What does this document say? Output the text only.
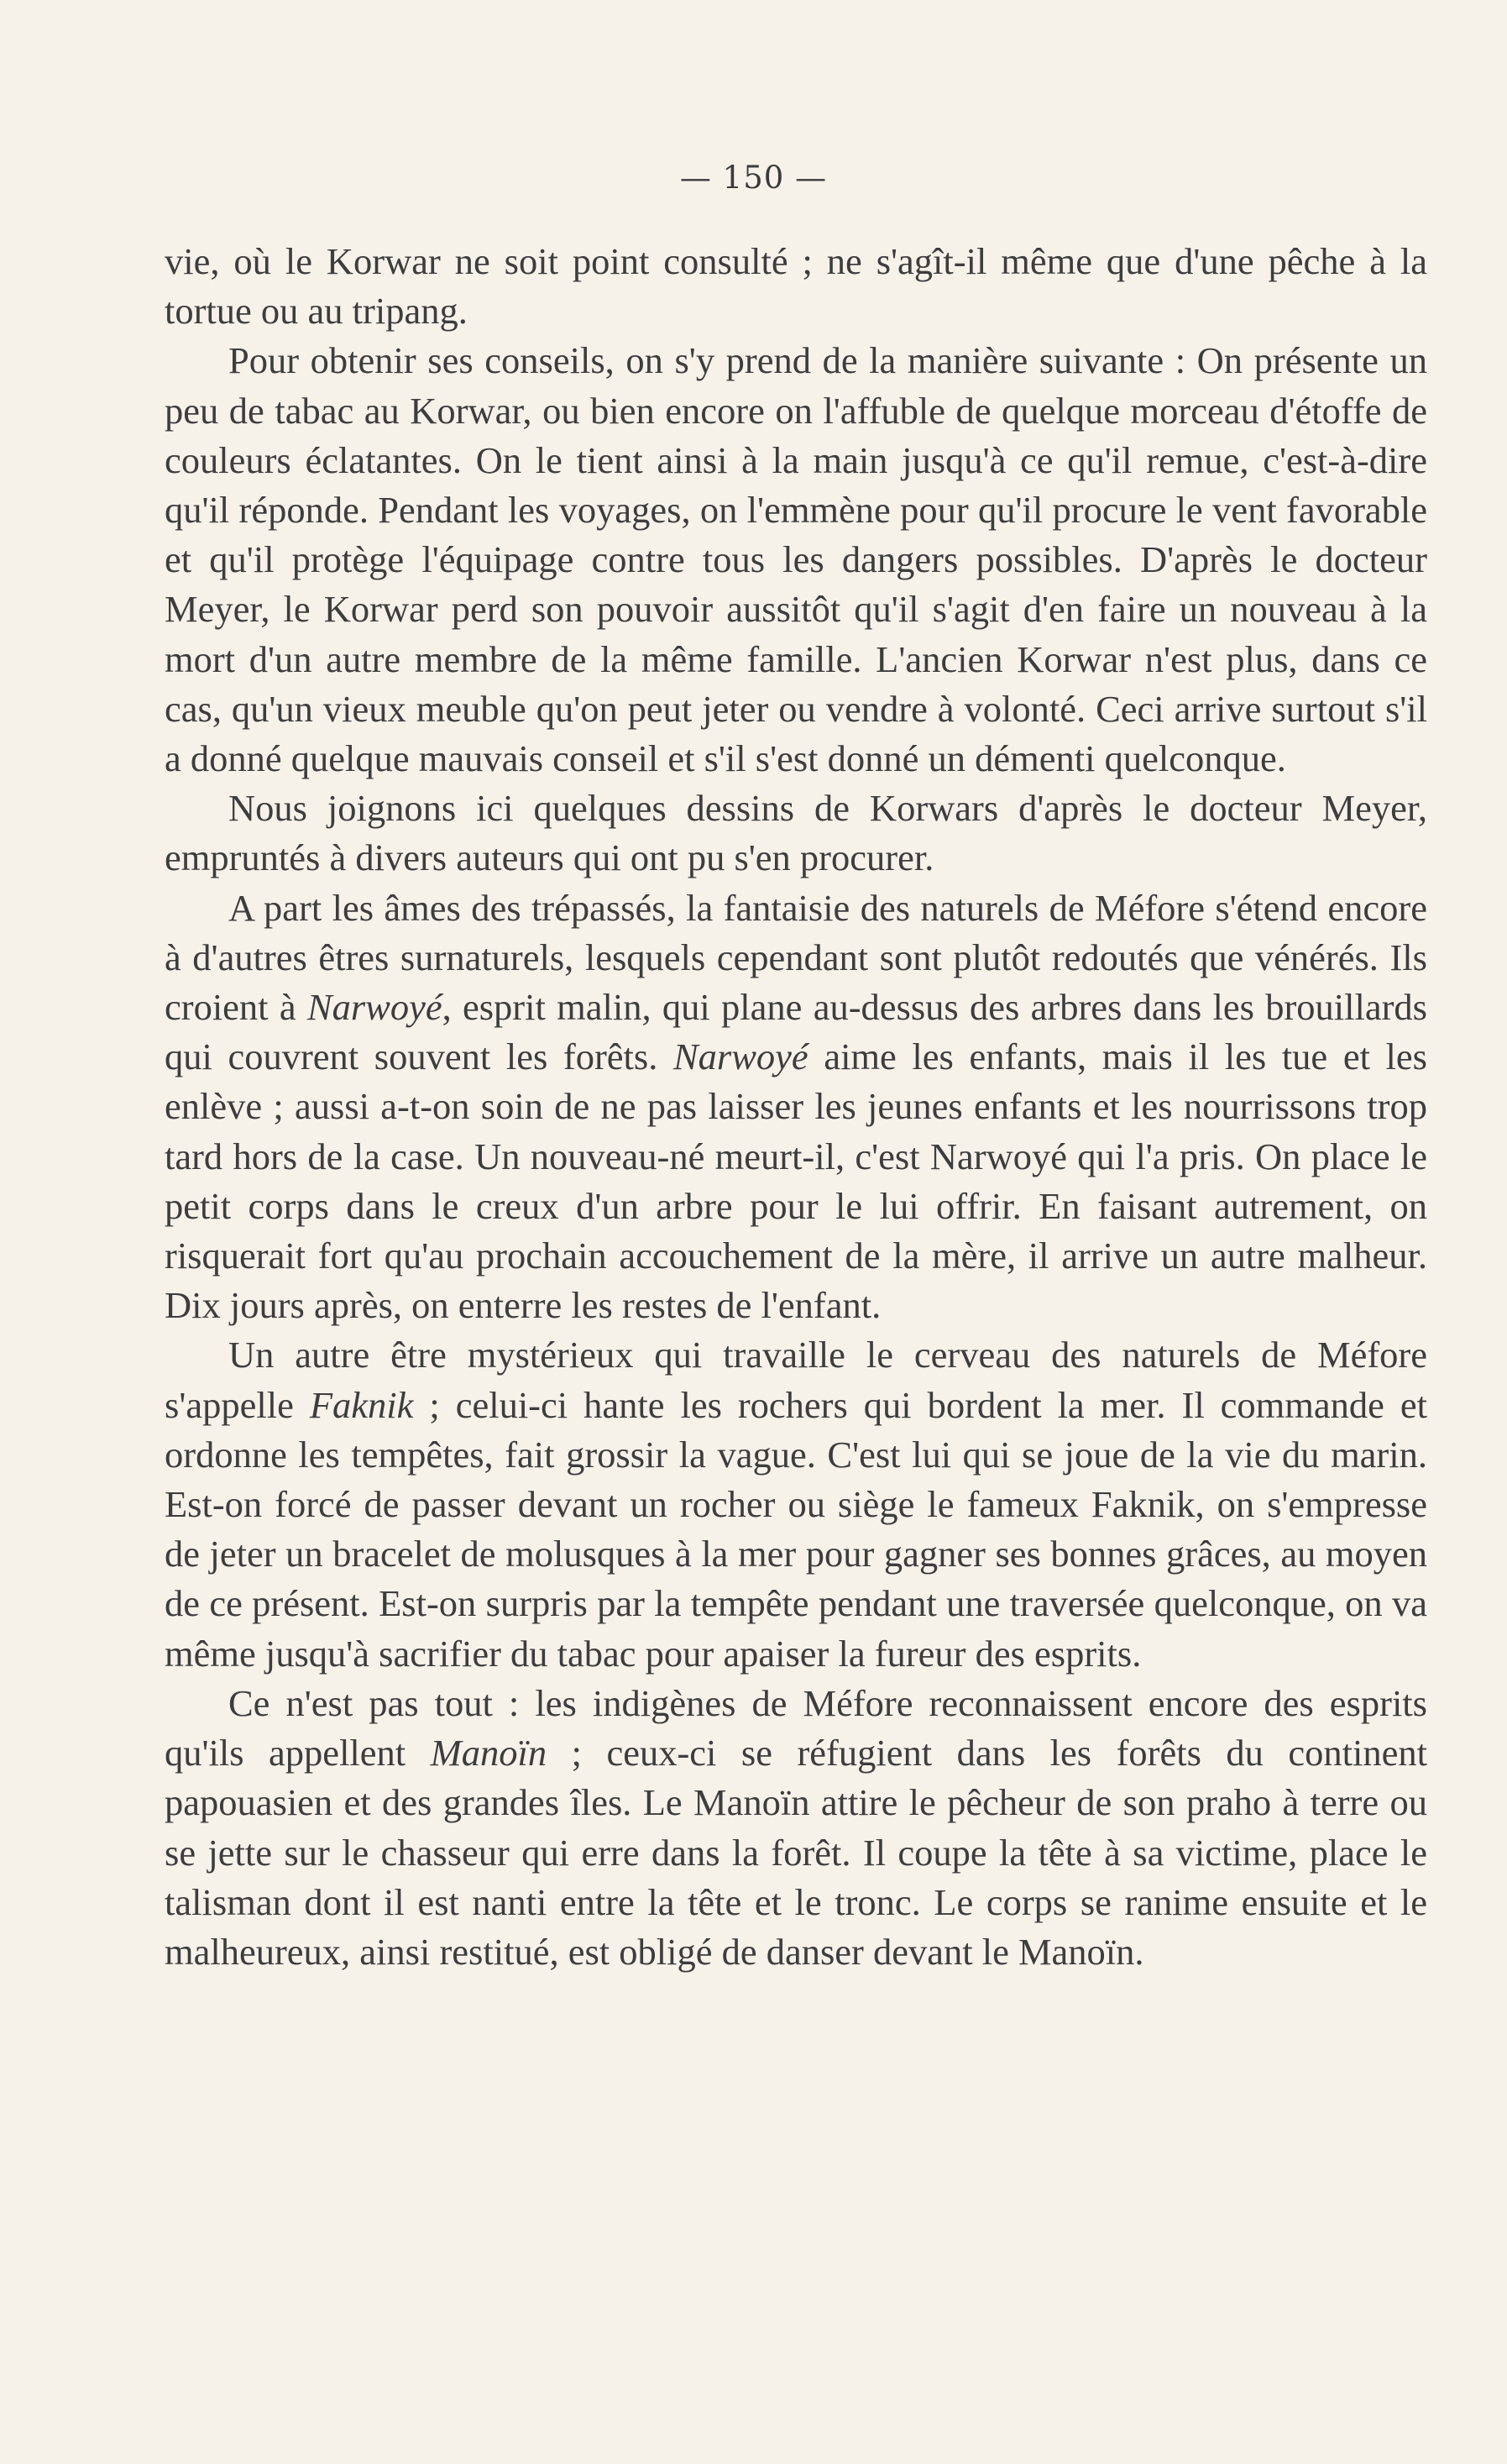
— 150 —

vie, où le Korwar ne soit point consulté ; ne s'agît-il même que d'une pêche à la tortue ou au tripang.

Pour obtenir ses conseils, on s'y prend de la manière suivante : On présente un peu de tabac au Korwar, ou bien encore on l'affuble de quelque morceau d'étoffe de couleurs éclatantes. On le tient ainsi à la main jusqu'à ce qu'il remue, c'est-à-dire qu'il réponde. Pendant les voyages, on l'emmène pour qu'il procure le vent favorable et qu'il protège l'équipage contre tous les dangers possibles. D'après le docteur Meyer, le Korwar perd son pouvoir aussitôt qu'il s'agit d'en faire un nouveau à la mort d'un autre membre de la même famille. L'ancien Korwar n'est plus, dans ce cas, qu'un vieux meuble qu'on peut jeter ou vendre à volonté. Ceci arrive surtout s'il a donné quelque mauvais conseil et s'il s'est donné un démenti quelconque.

Nous joignons ici quelques dessins de Korwars d'après le docteur Meyer, empruntés à divers auteurs qui ont pu s'en procurer.

A part les âmes des trépassés, la fantaisie des naturels de Méfore s'étend encore à d'autres êtres surnaturels, lesquels cependant sont plutôt redoutés que vénérés. Ils croient à Narwoyé, esprit malin, qui plane au-dessus des arbres dans les brouillards qui couvrent souvent les forêts. Narwoyé aime les enfants, mais il les tue et les enlève ; aussi a-t-on soin de ne pas laisser les jeunes enfants et les nourrissons trop tard hors de la case. Un nouveau-né meurt-il, c'est Narwoyé qui l'a pris. On place le petit corps dans le creux d'un arbre pour le lui offrir. En faisant autrement, on risquerait fort qu'au prochain accouchement de la mère, il arrive un autre malheur. Dix jours après, on enterre les restes de l'enfant.

Un autre être mystérieux qui travaille le cerveau des naturels de Méfore s'appelle Faknik ; celui-ci hante les rochers qui bordent la mer. Il commande et ordonne les tempêtes, fait grossir la vague. C'est lui qui se joue de la vie du marin. Est-on forcé de passer devant un rocher ou siège le fameux Faknik, on s'empresse de jeter un bracelet de molusques à la mer pour gagner ses bonnes grâces, au moyen de ce présent. Est-on surpris par la tempête pendant une traversée quelconque, on va même jusqu'à sacrifier du tabac pour apaiser la fureur des esprits.

Ce n'est pas tout : les indigènes de Méfore reconnaissent encore des esprits qu'ils appellent Manoïn ; ceux-ci se réfugient dans les forêts du continent papouasien et des grandes îles. Le Manoïn attire le pêcheur de son praho à terre ou se jette sur le chasseur qui erre dans la forêt. Il coupe la tête à sa victime, place le talisman dont il est nanti entre la tête et le tronc. Le corps se ranime ensuite et le malheureux, ainsi restitué, est obligé de danser devant le Manoïn.
